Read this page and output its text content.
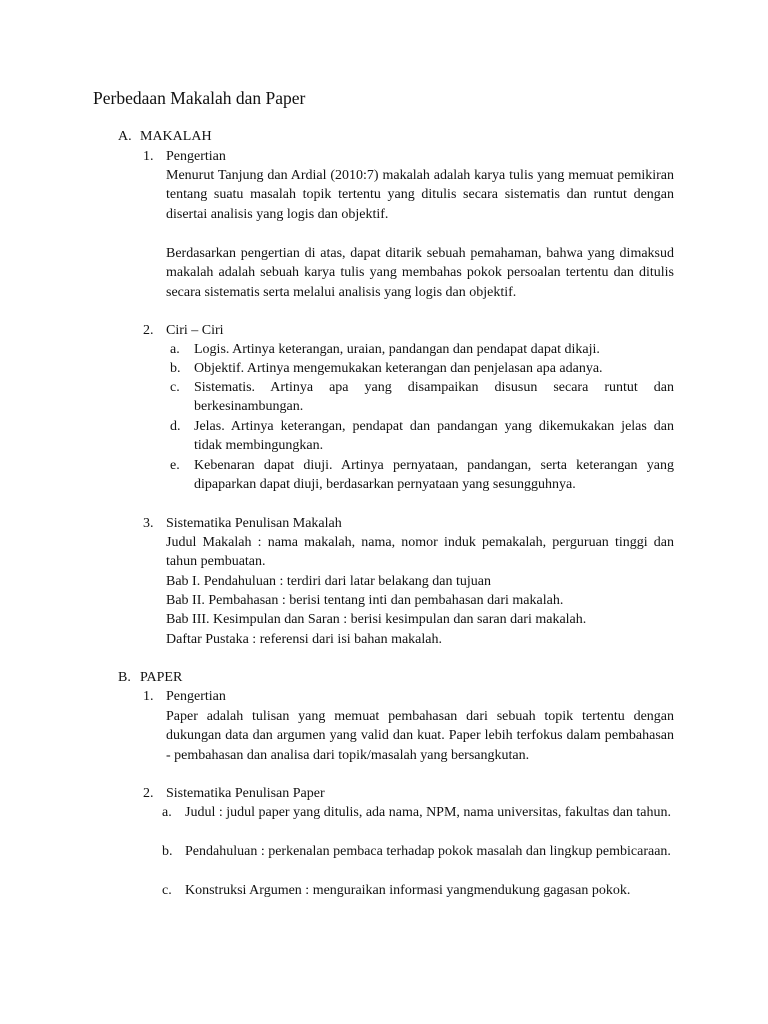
Perbedaan Makalah dan Paper
A. MAKALAH
1. Pengertian
Menurut Tanjung dan Ardial (2010:7) makalah adalah karya tulis yang memuat pemikiran tentang suatu masalah topik tertentu yang ditulis secara sistematis dan runtut dengan disertai analisis yang logis dan objektif.
Berdasarkan pengertian di atas, dapat ditarik sebuah pemahaman, bahwa yang dimaksud makalah adalah sebuah karya tulis yang membahas pokok persoalan tertentu dan ditulis secara sistematis serta melalui analisis yang logis dan objektif.
2. Ciri – Ciri
a. Logis. Artinya keterangan, uraian, pandangan dan pendapat dapat dikaji.
b. Objektif. Artinya mengemukakan keterangan dan penjelasan apa adanya.
c. Sistematis. Artinya apa yang disampaikan disusun secara runtut dan berkesinambungan.
d. Jelas. Artinya keterangan, pendapat dan pandangan yang dikemukakan jelas dan tidak membingungkan.
e. Kebenaran dapat diuji. Artinya pernyataan, pandangan, serta keterangan yang dipaparkan dapat diuji, berdasarkan pernyataan yang sesungguhnya.
3. Sistematika Penulisan Makalah
Judul Makalah : nama makalah, nama, nomor induk pemakalah, perguruan tinggi dan tahun pembuatan.
Bab I. Pendahuluan : terdiri dari latar belakang dan tujuan
Bab II. Pembahasan : berisi tentang inti dan pembahasan dari makalah.
Bab III. Kesimpulan dan Saran : berisi kesimpulan dan saran dari makalah.
Daftar Pustaka : referensi dari isi bahan makalah.
B. PAPER
1. Pengertian
Paper adalah tulisan yang memuat pembahasan dari sebuah topik tertentu dengan dukungan data dan argumen yang valid dan kuat. Paper lebih terfokus dalam pembahasan - pembahasan dan analisa dari topik/masalah yang bersangkutan.
2. Sistematika Penulisan Paper
a. Judul : judul paper yang ditulis, ada nama, NPM, nama universitas, fakultas dan tahun.
b. Pendahuluan : perkenalan pembaca terhadap pokok masalah dan lingkup pembicaraan.
c. Konstruksi Argumen : menguraikan informasi yangmendukung gagasan pokok.
